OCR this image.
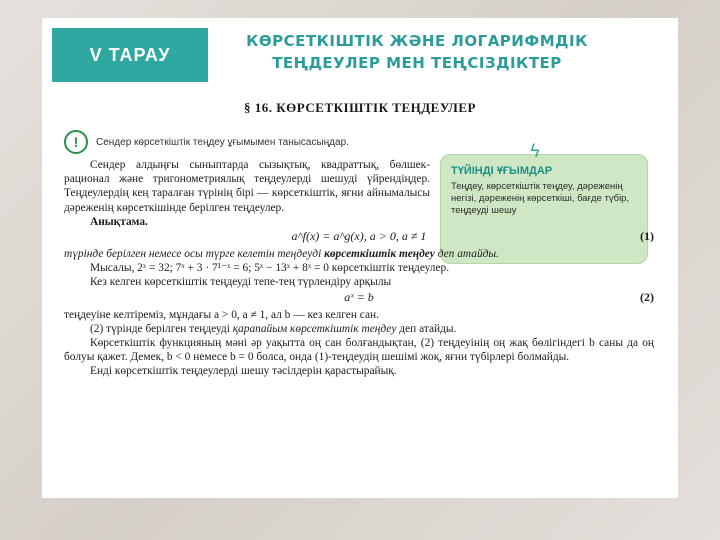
V ТАРАУ
КӨРСЕТКІШТІК ЖӘНЕ ЛОГАРИФМДІК
ТЕҢДЕУЛЕР МЕН ТЕҢСІЗДІКТЕР
§ 16. КӨРСЕТКІШТІК ТЕҢДЕУЛЕР
!	Сендер көрсеткіштік теңдеу ұғымымен танысасыңдар.	ϟ
ТҮЙІНДІ ҰҒЫМДАР
Теңдеу, көрсеткіштік теңдеу, дәреженің негізі, дәреженің көрсеткіші, бағде түбір, теңдеуді шешу

Сендер алдыңғы сыныптарда сызықтық, квадраттық, бөлшек-рационал және тригонометриялық теңдеулерді шешуді үйрендіңдер. Теңдеулердің кең таралған түрінің бірі — көрсеткіштік, яғни айнымалысы дәреженің көрсеткішінде берілген теңдеулер.

Анықтама.

a^f(x) = a^g(x), a > 0, a ≠ 1	(1)

түрінде берілген немесе осы түрге келетін теңдеуді көрсеткіштік теңдеу деп атайды.

Мысалы, 2ˣ = 32; 7ˣ + 3 · 7¹⁻ˣ = 6; 5ˣ − 13ˣ + 8ˣ = 0 көрсеткіштік теңдеулер.

Кез келген көрсеткіштік теңдеуді тепе-тең түрлендіру арқылы

aˣ = b	(2)

теңдеуіне келтіреміз, мұндағы a > 0, a ≠ 1, ал b — кез келген сан.

(2) түрінде берілген теңдеуді қарапайым көрсеткіштік теңдеу деп атайды.

Көрсеткіштік функцияның мәні әр уақытта оң сан болғандықтан, (2) теңдеуінің оң жақ бөлігіндегі b саны да оң болуы қажет. Демек, b < 0 немесе b = 0 болса, онда (1)-теңдеудің шешімі жоқ, яғни түбірлері болмайды.

Енді көрсеткіштік теңдеулерді шешу тәсілдерін қарастырайық.
